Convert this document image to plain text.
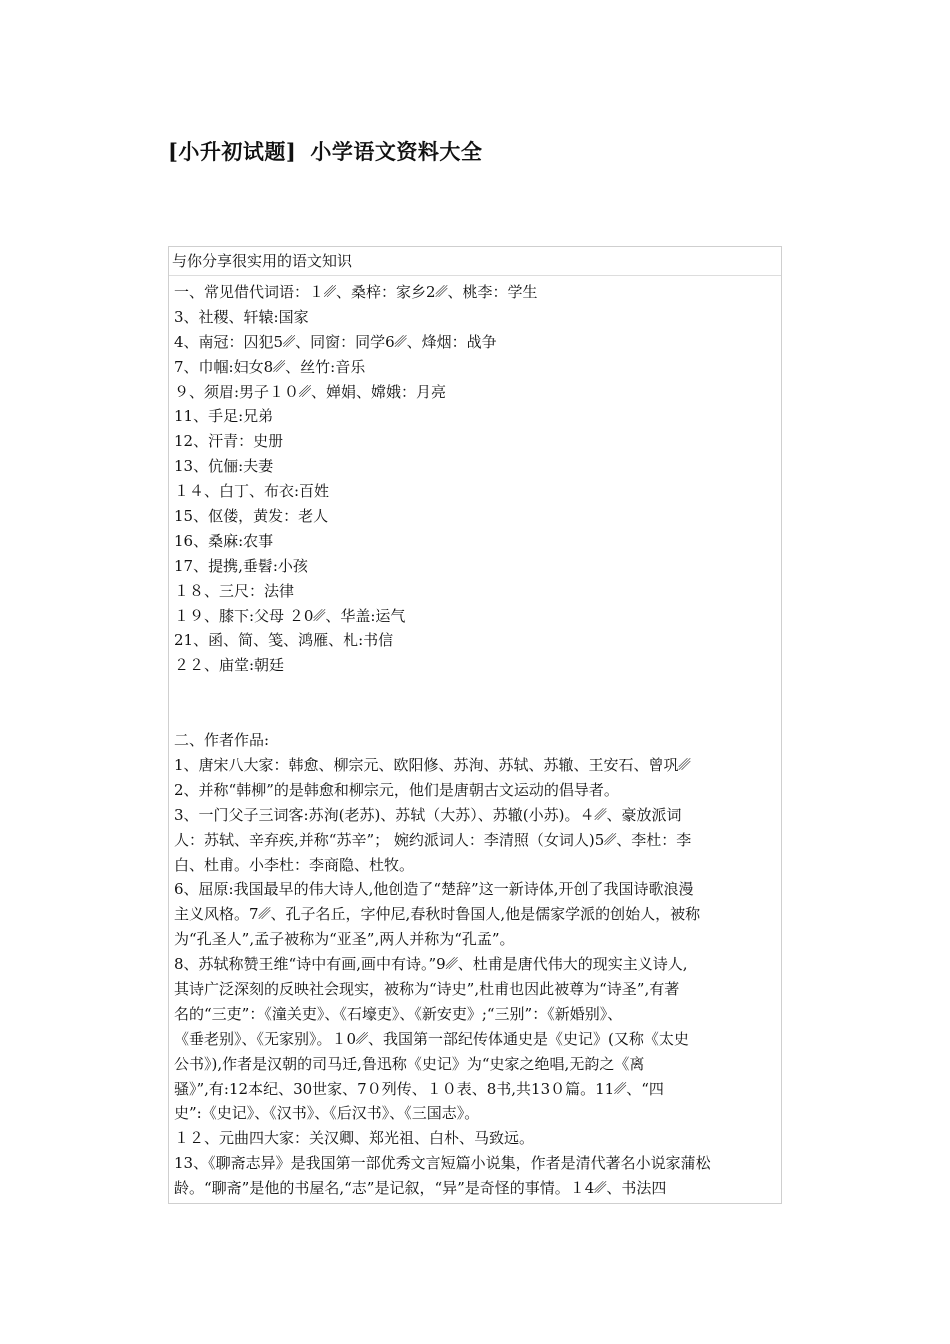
[小升初试题] 小学语文资料大全
与你分享很实用的语文知识
一、常见借代词语：１␥、桑梓：家乡2␥、桃李：学生
3、社稷、轩辕:国家
4、南冠：囚犯5␥、同窗：同学6␥、烽烟：战争
7、巾帼:妇女8␥、丝竹:音乐
９、须眉:男子１０␥、婵娟、嫦娥：月亮
11、手足:兄弟
12、汗青：史册
13、伉俪:夫妻
１４、白丁、布衣:百姓
15、伛偻，黄发：老人
16、桑麻:农事
17、提携,垂髫:小孩
１８、三尺：法律
１９、膝下:父母 ２0␥、华盖:运气
21、函、简、笺、鸿雁、札:书信
２２、庙堂:朝廷
二、作者作品:
1、唐宋八大家：韩愈、柳宗元、欧阳修、苏洵、苏轼、苏辙、王安石、曾巩␥
2、并称“韩柳”的是韩愈和柳宗元，他们是唐朝古文运动的倡导者。
3、一门父子三词客:苏洵(老苏)、苏轼（大苏）、苏辙(小苏)。４␥、豪放派词
人：苏轼、辛弃疾,并称“苏辛”； 婉约派词人：李清照（女词人)5␥、李杜：李
白、杜甫。小李杜：李商隐、杜牧。
6、屈原:我国最早的伟大诗人,他创造了“楚辞”这一新诗体,开创了我国诗歌浪漫
主义风格。7␥、孔子名丘，字仲尼,春秋时鲁国人,他是儒家学派的创始人，被称
为“孔圣人”,孟子被称为“亚圣”,两人并称为“孔孟”。
8、苏轼称赞王维“诗中有画,画中有诗。”9␥、杜甫是唐代伟大的现实主义诗人,
其诗广泛深刻的反映社会现实，被称为“诗史”,杜甫也因此被尊为“诗圣”,有著
名的“三吏”：《潼关吏》、《石壕吏》、《新安吏》;“三别”：《新婚别》、
《垂老别》、《无家别》。１0␥、我国第一部纪传体通史是《史记》(又称《太史
公书》),作者是汉朝的司马迁,鲁迅称《史记》为“史家之绝唱,无韵之《离
骚》”,有:12本纪、30世家、7０列传、１０表、8书,共13０篇。11␥、“四
史”:《史记》、《汉书》、《后汉书》、《三国志》。
１２、元曲四大家：关汉卿、郑光祖、白朴、马致远。
13、《聊斋志异》是我国第一部优秀文言短篇小说集，作者是清代著名小说家蒲松
龄。“聊斋”是他的书屋名,“志”是记叙，“异”是奇怪的事情。１4␥、书法四
